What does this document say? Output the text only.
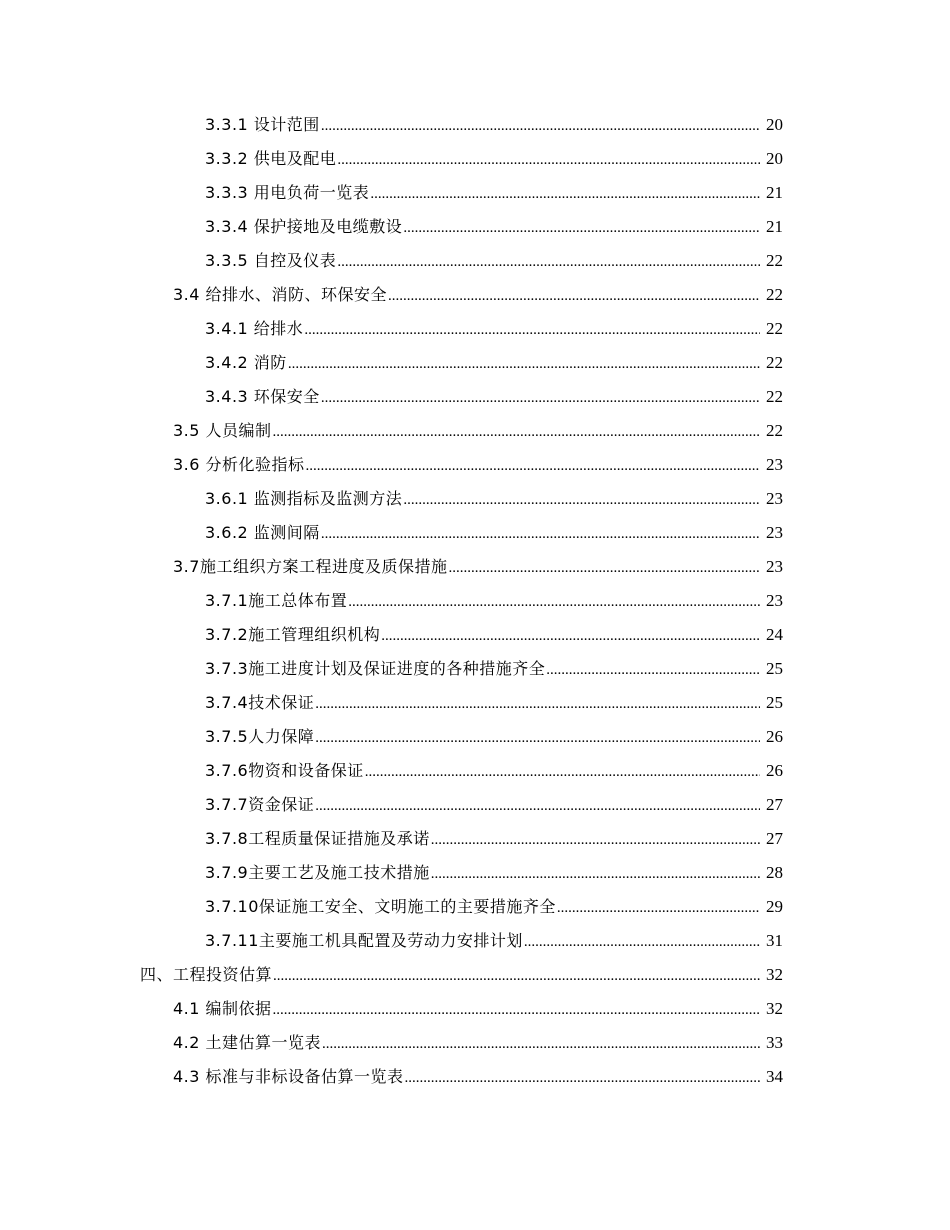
3.3.1 设计范围 .....	20
3.3.2 供电及配电 .....	20
3.3.3 用电负荷一览表 .....	21
3.3.4 保护接地及电缆敷设 .....	21
3.3.5 自控及仪表 .....	22
3.4 给排水、消防、环保安全 .....	22
3.4.1 给排水 .....	22
3.4.2 消防 .....	22
3.4.3 环保安全 .....	22
3.5 人员编制 .....	22
3.6 分析化验指标 .....	23
3.6.1 监测指标及监测方法 .....	23
3.6.2 监测间隔 .....	23
3.7施工组织方案工程进度及质保措施 .....	23
3.7.1施工总体布置 .....	23
3.7.2施工管理组织机构 .....	24
3.7.3施工进度计划及保证进度的各种措施齐全 .....	25
3.7.4技术保证 .....	25
3.7.5人力保障 .....	26
3.7.6物资和设备保证 .....	26
3.7.7资金保证 .....	27
3.7.8工程质量保证措施及承诺 .....	27
3.7.9主要工艺及施工技术措施 .....	28
3.7.10保证施工安全、文明施工的主要措施齐全 .....	29
3.7.11主要施工机具配置及劳动力安排计划 .....	31
四、工程投资估算 .....	32
4.1 编制依据 .....	32
4.2 土建估算一览表 .....	33
4.3 标准与非标设备估算一览表 .....	34
